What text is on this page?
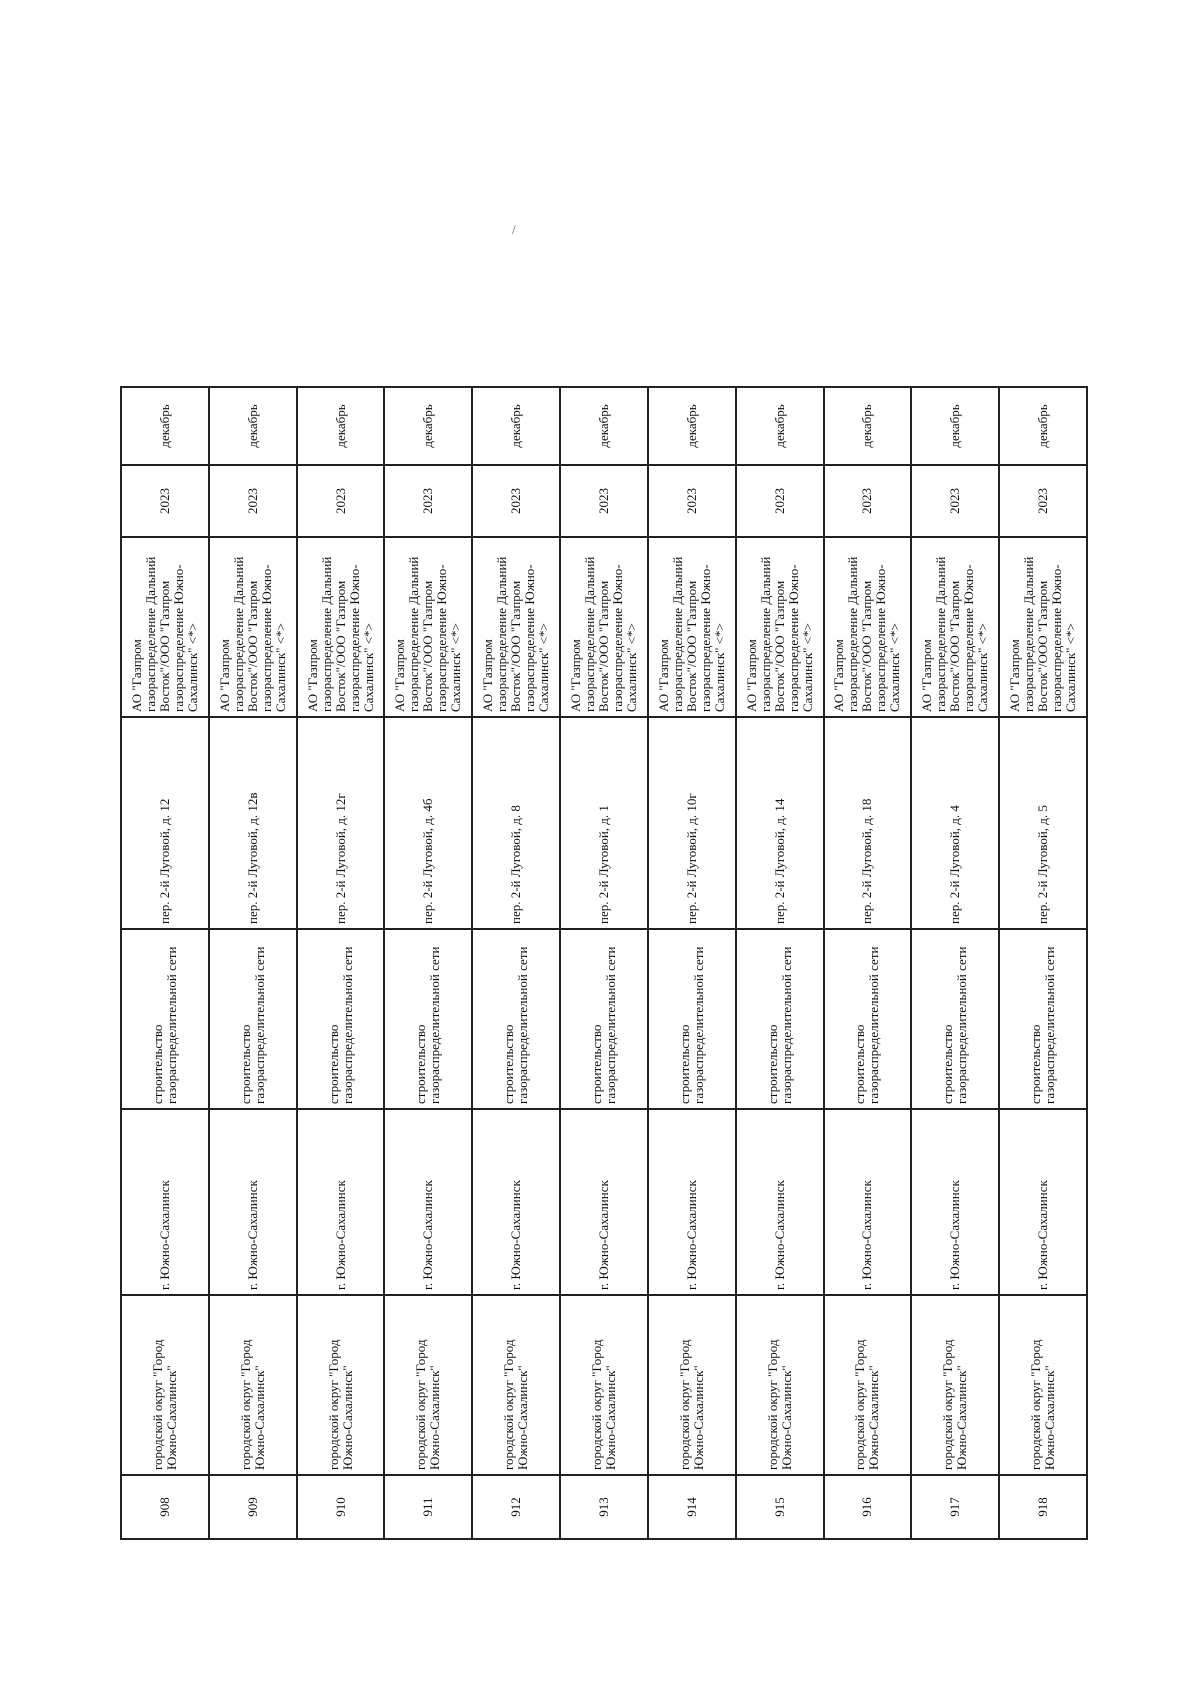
/
908	городской округ "Город Южно-Сахалинск"	г. Южно-Сахалинск	строительство газораспределительной сети	пер. 2-й Луговой, д. 12	АО "Газпром газораспределение Дальний Восток"/ООО "Газпром газораспределение Южно-Сахалинск" <*>	2023	декабрь
909	городской округ "Город Южно-Сахалинск"	г. Южно-Сахалинск	строительство газораспределительной сети	пер. 2-й Луговой, д. 12в	АО "Газпром газораспределение Дальний Восток"/ООО "Газпром газораспределение Южно-Сахалинск" <*>	2023	декабрь
910	городской округ "Город Южно-Сахалинск"	г. Южно-Сахалинск	строительство газораспределительной сети	пер. 2-й Луговой, д. 12г	АО "Газпром газораспределение Дальний Восток"/ООО "Газпром газораспределение Южно-Сахалинск" <*>	2023	декабрь
911	городской округ "Город Южно-Сахалинск"	г. Южно-Сахалинск	строительство газораспределительной сети	пер. 2-й Луговой, д. 4б	АО "Газпром газораспределение Дальний Восток"/ООО "Газпром газораспределение Южно-Сахалинск" <*>	2023	декабрь
912	городской округ "Город Южно-Сахалинск"	г. Южно-Сахалинск	строительство газораспределительной сети	пер. 2-й Луговой, д. 8	АО "Газпром газораспределение Дальний Восток"/ООО "Газпром газораспределение Южно-Сахалинск" <*>	2023	декабрь
913	городской округ "Город Южно-Сахалинск"	г. Южно-Сахалинск	строительство газораспределительной сети	пер. 2-й Луговой, д. 1	АО "Газпром газораспределение Дальний Восток"/ООО "Газпром газораспределение Южно-Сахалинск" <*>	2023	декабрь
914	городской округ "Город Южно-Сахалинск"	г. Южно-Сахалинск	строительство газораспределительной сети	пер. 2-й Луговой, д. 10г	АО "Газпром газораспределение Дальний Восток"/ООО "Газпром газораспределение Южно-Сахалинск" <*>	2023	декабрь
915	городской округ "Город Южно-Сахалинск"	г. Южно-Сахалинск	строительство газораспределительной сети	пер. 2-й Луговой, д. 14	АО "Газпром газораспределение Дальний Восток"/ООО "Газпром газораспределение Южно-Сахалинск" <*>	2023	декабрь
916	городской округ "Город Южно-Сахалинск"	г. Южно-Сахалинск	строительство газораспределительной сети	пер. 2-й Луговой, д. 18	АО "Газпром газораспределение Дальний Восток"/ООО "Газпром газораспределение Южно-Сахалинск" <*>	2023	декабрь
917	городской округ "Город Южно-Сахалинск"	г. Южно-Сахалинск	строительство газораспределительной сети	пер. 2-й Луговой, д. 4	АО "Газпром газораспределение Дальний Восток"/ООО "Газпром газораспределение Южно-Сахалинск" <*>	2023	декабрь
918	городской округ "Город Южно-Сахалинск"	г. Южно-Сахалинск	строительство газораспределительной сети	пер. 2-й Луговой, д. 5	АО "Газпром газораспределение Дальний Восток"/ООО "Газпром газораспределение Южно-Сахалинск" <*>	2023	декабрь
